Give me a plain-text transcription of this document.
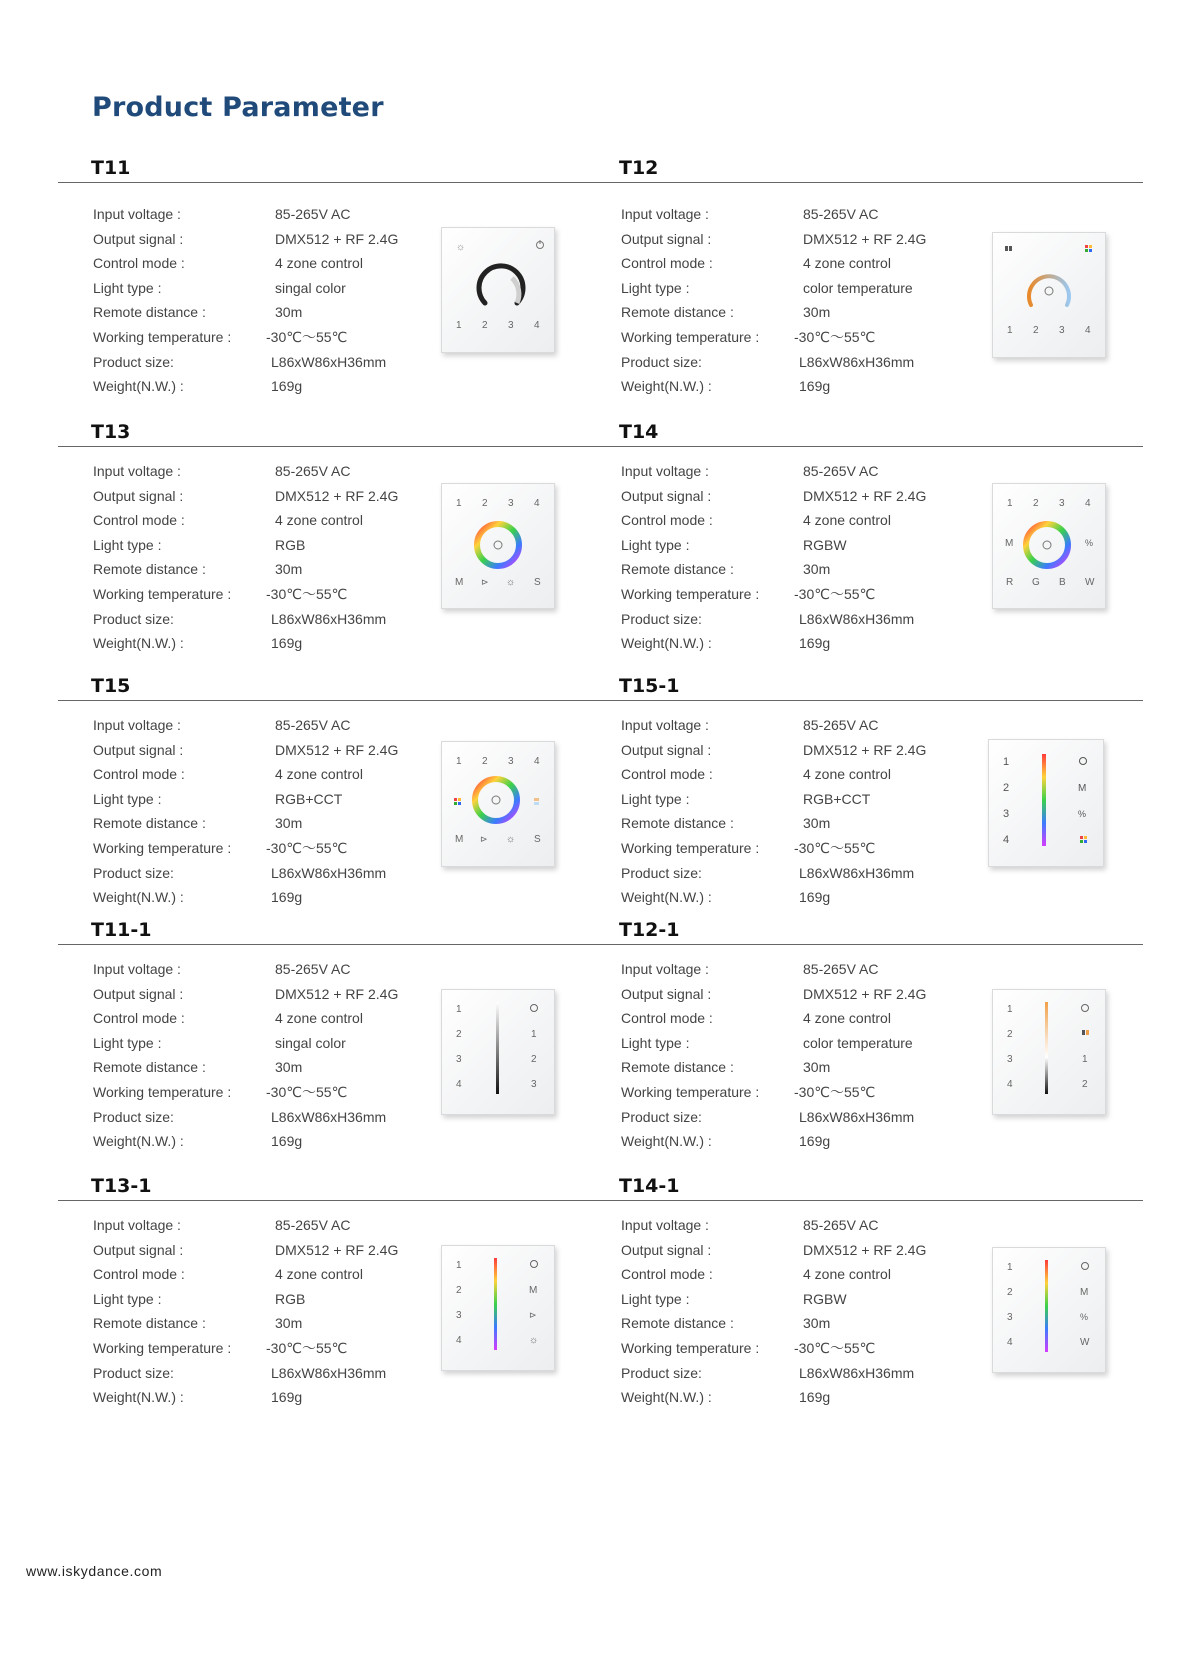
Product Parameter
T11
Input voltage :	85-265V AC
Output signal :	DMX512 + RF 2.4G
Control mode :	4 zone control
Light type :	singal color
Remote distance :	30m
Working temperature : -30℃～55℃
Product size:	L86xW86xH36mm
Weight(N.W.) :	169g
☼
1 2 3 4
T12
Input voltage :	85-265V AC
Output signal :	DMX512 + RF 2.4G
Control mode :	4 zone control
Light type :	color temperature
Remote distance :	30m
Working temperature : -30℃～55℃
Product size:	L86xW86xH36mm
Weight(N.W.) :	169g
1 2 3 4
T13
Input voltage :	85-265V AC
Output signal :	DMX512 + RF 2.4G
Control mode :	4 zone control
Light type :	RGB
Remote distance :	30m
Working temperature : -30℃～55℃
Product size:	L86xW86xH36mm
Weight(N.W.) :	169g
1 2 3 4
M ⊳ ☼ S
T14
Input voltage :	85-265V AC
Output signal :	DMX512 + RF 2.4G
Control mode :	4 zone control
Light type :	RGBW
Remote distance :	30m
Working temperature : -30℃～55℃
Product size:	L86xW86xH36mm
Weight(N.W.) :	169g
1 2 3 4
M	%
R G B W
T15
Input voltage :	85-265V AC
Output signal :	DMX512 + RF 2.4G
Control mode :	4 zone control
Light type :	RGB+CCT
Remote distance :	30m
Working temperature : -30℃～55℃
Product size:	L86xW86xH36mm
Weight(N.W.) :	169g
1 2 3 4
M ⊳ ☼ S
T15-1
Input voltage :	85-265V AC
Output signal :	DMX512 + RF 2.4G
Control mode :	4 zone control
Light type :	RGB+CCT
Remote distance :	30m
Working temperature : -30℃～55℃
Product size:	L86xW86xH36mm
Weight(N.W.) :	169g
1
2
3
4
M
%
T11-1
Input voltage :	85-265V AC
Output signal :	DMX512 + RF 2.4G
Control mode :	4 zone control
Light type :	singal color
Remote distance :	30m
Working temperature : -30℃～55℃
Product size:	L86xW86xH36mm
Weight(N.W.) :	169g
1
2
3
4
1
2
3
T12-1
Input voltage :	85-265V AC
Output signal :	DMX512 + RF 2.4G
Control mode :	4 zone control
Light type :	color temperature
Remote distance :	30m
Working temperature : -30℃～55℃
Product size:	L86xW86xH36mm
Weight(N.W.) :	169g
1
2
3
4
1
2
T13-1
Input voltage :	85-265V AC
Output signal :	DMX512 + RF 2.4G
Control mode :	4 zone control
Light type :	RGB
Remote distance :	30m
Working temperature : -30℃～55℃
Product size:	L86xW86xH36mm
Weight(N.W.) :	169g
1
2
3
4
M
⊳
☼
T14-1
Input voltage :	85-265V AC
Output signal :	DMX512 + RF 2.4G
Control mode :	4 zone control
Light type :	RGBW
Remote distance :	30m
Working temperature : -30℃～55℃
Product size:	L86xW86xH36mm
Weight(N.W.) :	169g
1
2
3
4
M
%
W
www.iskydance.com
